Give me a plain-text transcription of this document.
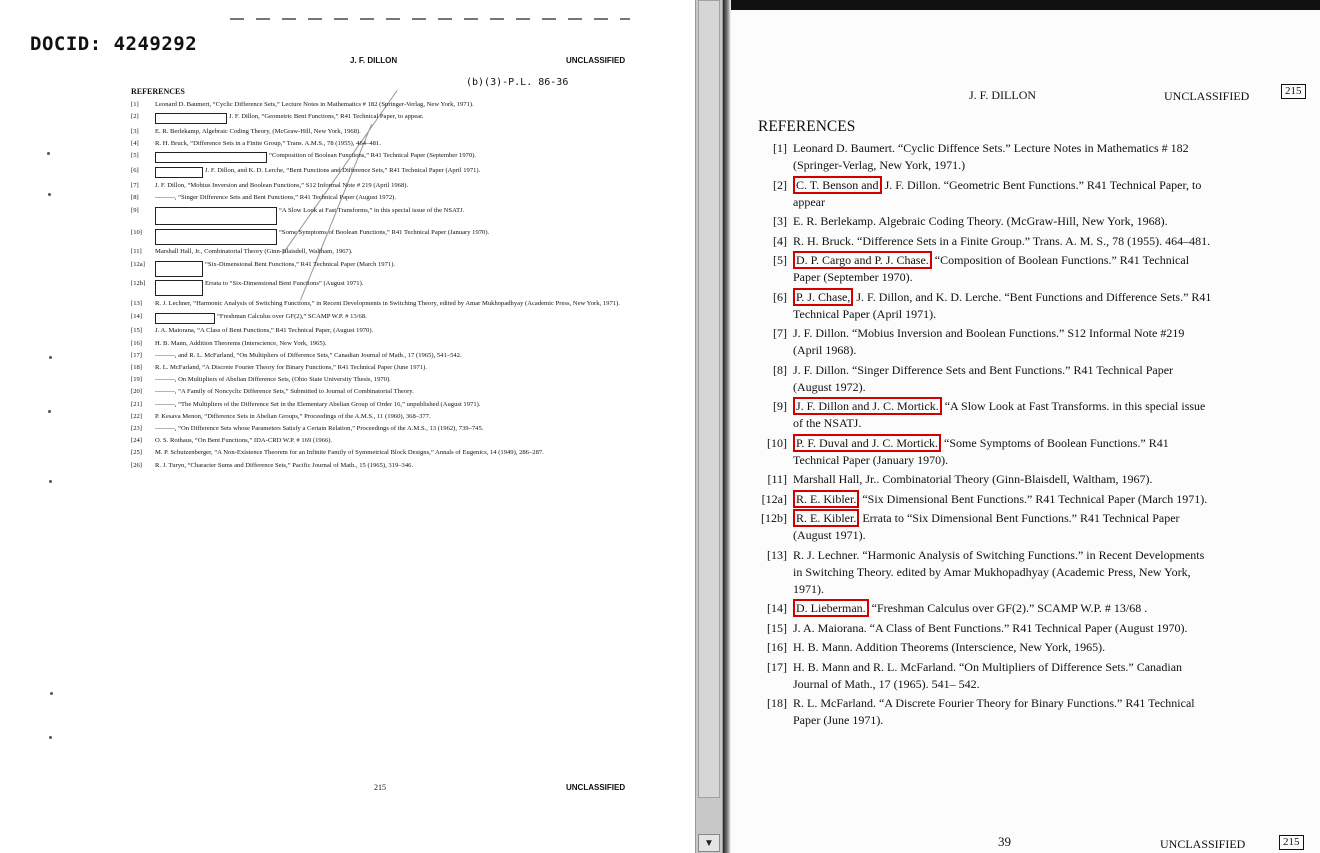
DOCID: 4249292
J. F. DILLON	UNCLASSIFIED
(b)(3)-P.L. 86-36
REFERENCES
[1]	Leonard D. Baumert, “Cyclic Difference Sets,” Lecture Notes in Mathematics # 182 (Springer-Verlag, New York, 1971).
[2]	J. F. Dillon, “Geometric Bent Functions,” R41 Technical Paper, to appear.
[3]	E. R. Berlekamp, Algebraic Coding Theory, (McGraw-Hill, New York, 1968).
[4]	R. H. Bruck, “Difference Sets in a Finite Group,” Trans. A.M.S., 78 (1955), 464–481.
[5]	“Composition of Boolean Functions,” R41 Technical Paper (September 1970).
[6]	J. F. Dillon, and K. D. Lerche, “Bent Functions and Difference Sets,” R41 Technical Paper (April 1971).
[7]	J. F. Dillon, “Mobius Inversion and Boolean Functions,” S12 Informal Note # 219 (April 1968).
[8]	———, “Singer Difference Sets and Bent Functions,” R41 Technical Paper (August 1972).
[9]	“A Slow Look at Fast Transforms,” in this special issue of the NSATJ.
[10]	“Some Symptoms of Boolean Functions,” R41 Technical Paper (January 1970).
[11]	Marshall Hall, Jr., Combinatorial Theory (Ginn-Blaisdell, Waltham, 1967).
[12a]	“Six-Dimensional Bent Functions,” R41 Technical Paper (March 1971).
[12b]	Errata to “Six-Dimensional Bent Functions” (August 1971).
[13]	R. J. Lechner, “Harmonic Analysis of Switching Functions,” in Recent Developments in Switching Theory, edited by Amar Mukhopadhyay (Academic Press, New York, 1971).
[14]	“Freshman Calculus over GF(2),” SCAMP W.P. # 13/68.
[15]	J. A. Maiorana, “A Class of Bent Functions,” R41 Technical Paper, (August 1970).
[16]	H. B. Mann, Addition Theorems (Interscience, New York, 1965).
[17]	———, and R. L. McFarland, “On Multipliers of Difference Sets,” Canadian Journal of Math., 17 (1965), 541–542.
[18]	R. L. McFarland, “A Discrete Fourier Theory for Binary Functions,” R41 Technical Paper (June 1971).
[19]	———, On Multipliers of Abelian Difference Sets, (Ohio State University Thesis, 1970).
[20]	———, “A Family of Noncyclic Difference Sets,” Submitted to Journal of Combinatorial Theory.
[21]	———, “The Multipliers of the Difference Set in the Elementary Abelian Group of Order 16,” unpublished (August 1971).
[22]	P. Kesava Menon, “Difference Sets in Abelian Groups,” Proceedings of the A.M.S., 11 (1960), 368–377.
[23]	———, “On Difference Sets whose Parameters Satisfy a Certain Relation,” Proceedings of the A.M.S., 13 (1962), 739–745.
[24]	O. S. Rothaus, “On Bent Functions,” IDA-CRD W.P. # 169 (1966).
[25]	M. P. Schutzenberger, “A Non-Existence Theorem for an Infinite Family of Symmetrical Block Designs,” Annals of Eugenics, 14 (1949), 286–287.
[26]	R. J. Turyn, “Character Sums and Difference Sets,” Pacific Journal of Math., 15 (1965), 319–346.
215	UNCLASSIFIED
▼
J. F. DILLON	UNCLASSIFIED	215
REFERENCES
[1] Leonard D. Baumert. “Cyclic Diffence Sets.” Lecture Notes in Mathematics # 182 (Springer-Verlag, New York, 1971.)
[2] C. T. Benson and J. F. Dillon. “Geometric Bent Functions.” R41 Technical Paper, to appear
[3] E. R. Berlekamp. Algebraic Coding Theory. (McGraw-Hill, New York, 1968).
[4] R. H. Bruck. “Difference Sets in a Finite Group.” Trans. A. M. S., 78 (1955). 464–481.
[5] D. P. Cargo and P. J. Chase. “Composition of Boolean Functions.” R41 Technical Paper (September 1970).
[6] P. J. Chase, J. F. Dillon, and K. D. Lerche. “Bent Functions and Difference Sets.” R41 Technical Paper (April 1971).
[7] J. F. Dillon. “Mobius Inversion and Boolean Functions.” S12 Informal Note #219 (April 1968).
[8] J. F. Dillon. “Singer Difference Sets and Bent Functions.” R41 Technical Paper (August 1972).
[9] J. F. Dillon and J. C. Mortick. “A Slow Look at Fast Transforms. in this special issue of the NSATJ.
[10] P. F. Duval and J. C. Mortick. “Some Symptoms of Boolean Functions.” R41 Technical Paper (January 1970).
[11] Marshall Hall, Jr.. Combinatorial Theory (Ginn-Blaisdell, Waltham, 1967).
[12a] R. E. Kibler. “Six Dimensional Bent Functions.” R41 Technical Paper (March 1971).
[12b] R. E. Kibler. Errata to “Six Dimensional Bent Functions.” R41 Technical Paper (August 1971).
[13] R. J. Lechner. “Harmonic Analysis of Switching Functions.” in Recent Developments in Switching Theory. edited by Amar Mukhopadhyay (Academic Press, New York, 1971).
[14] D. Lieberman. “Freshman Calculus over GF(2).” SCAMP W.P. # 13/68 .
[15] J. A. Maiorana. “A Class of Bent Functions.” R41 Technical Paper (August 1970).
[16] H. B. Mann. Addition Theorems (Interscience, New York, 1965).
[17] H. B. Mann and R. L. McFarland. “On Multipliers of Difference Sets.” Canadian Journal of Math., 17 (1965). 541– 542.
[18] R. L. McFarland. “A Discrete Fourier Theory for Binary Functions.” R41 Technical Paper (June 1971).
39	UNCLASSIFIED	215
